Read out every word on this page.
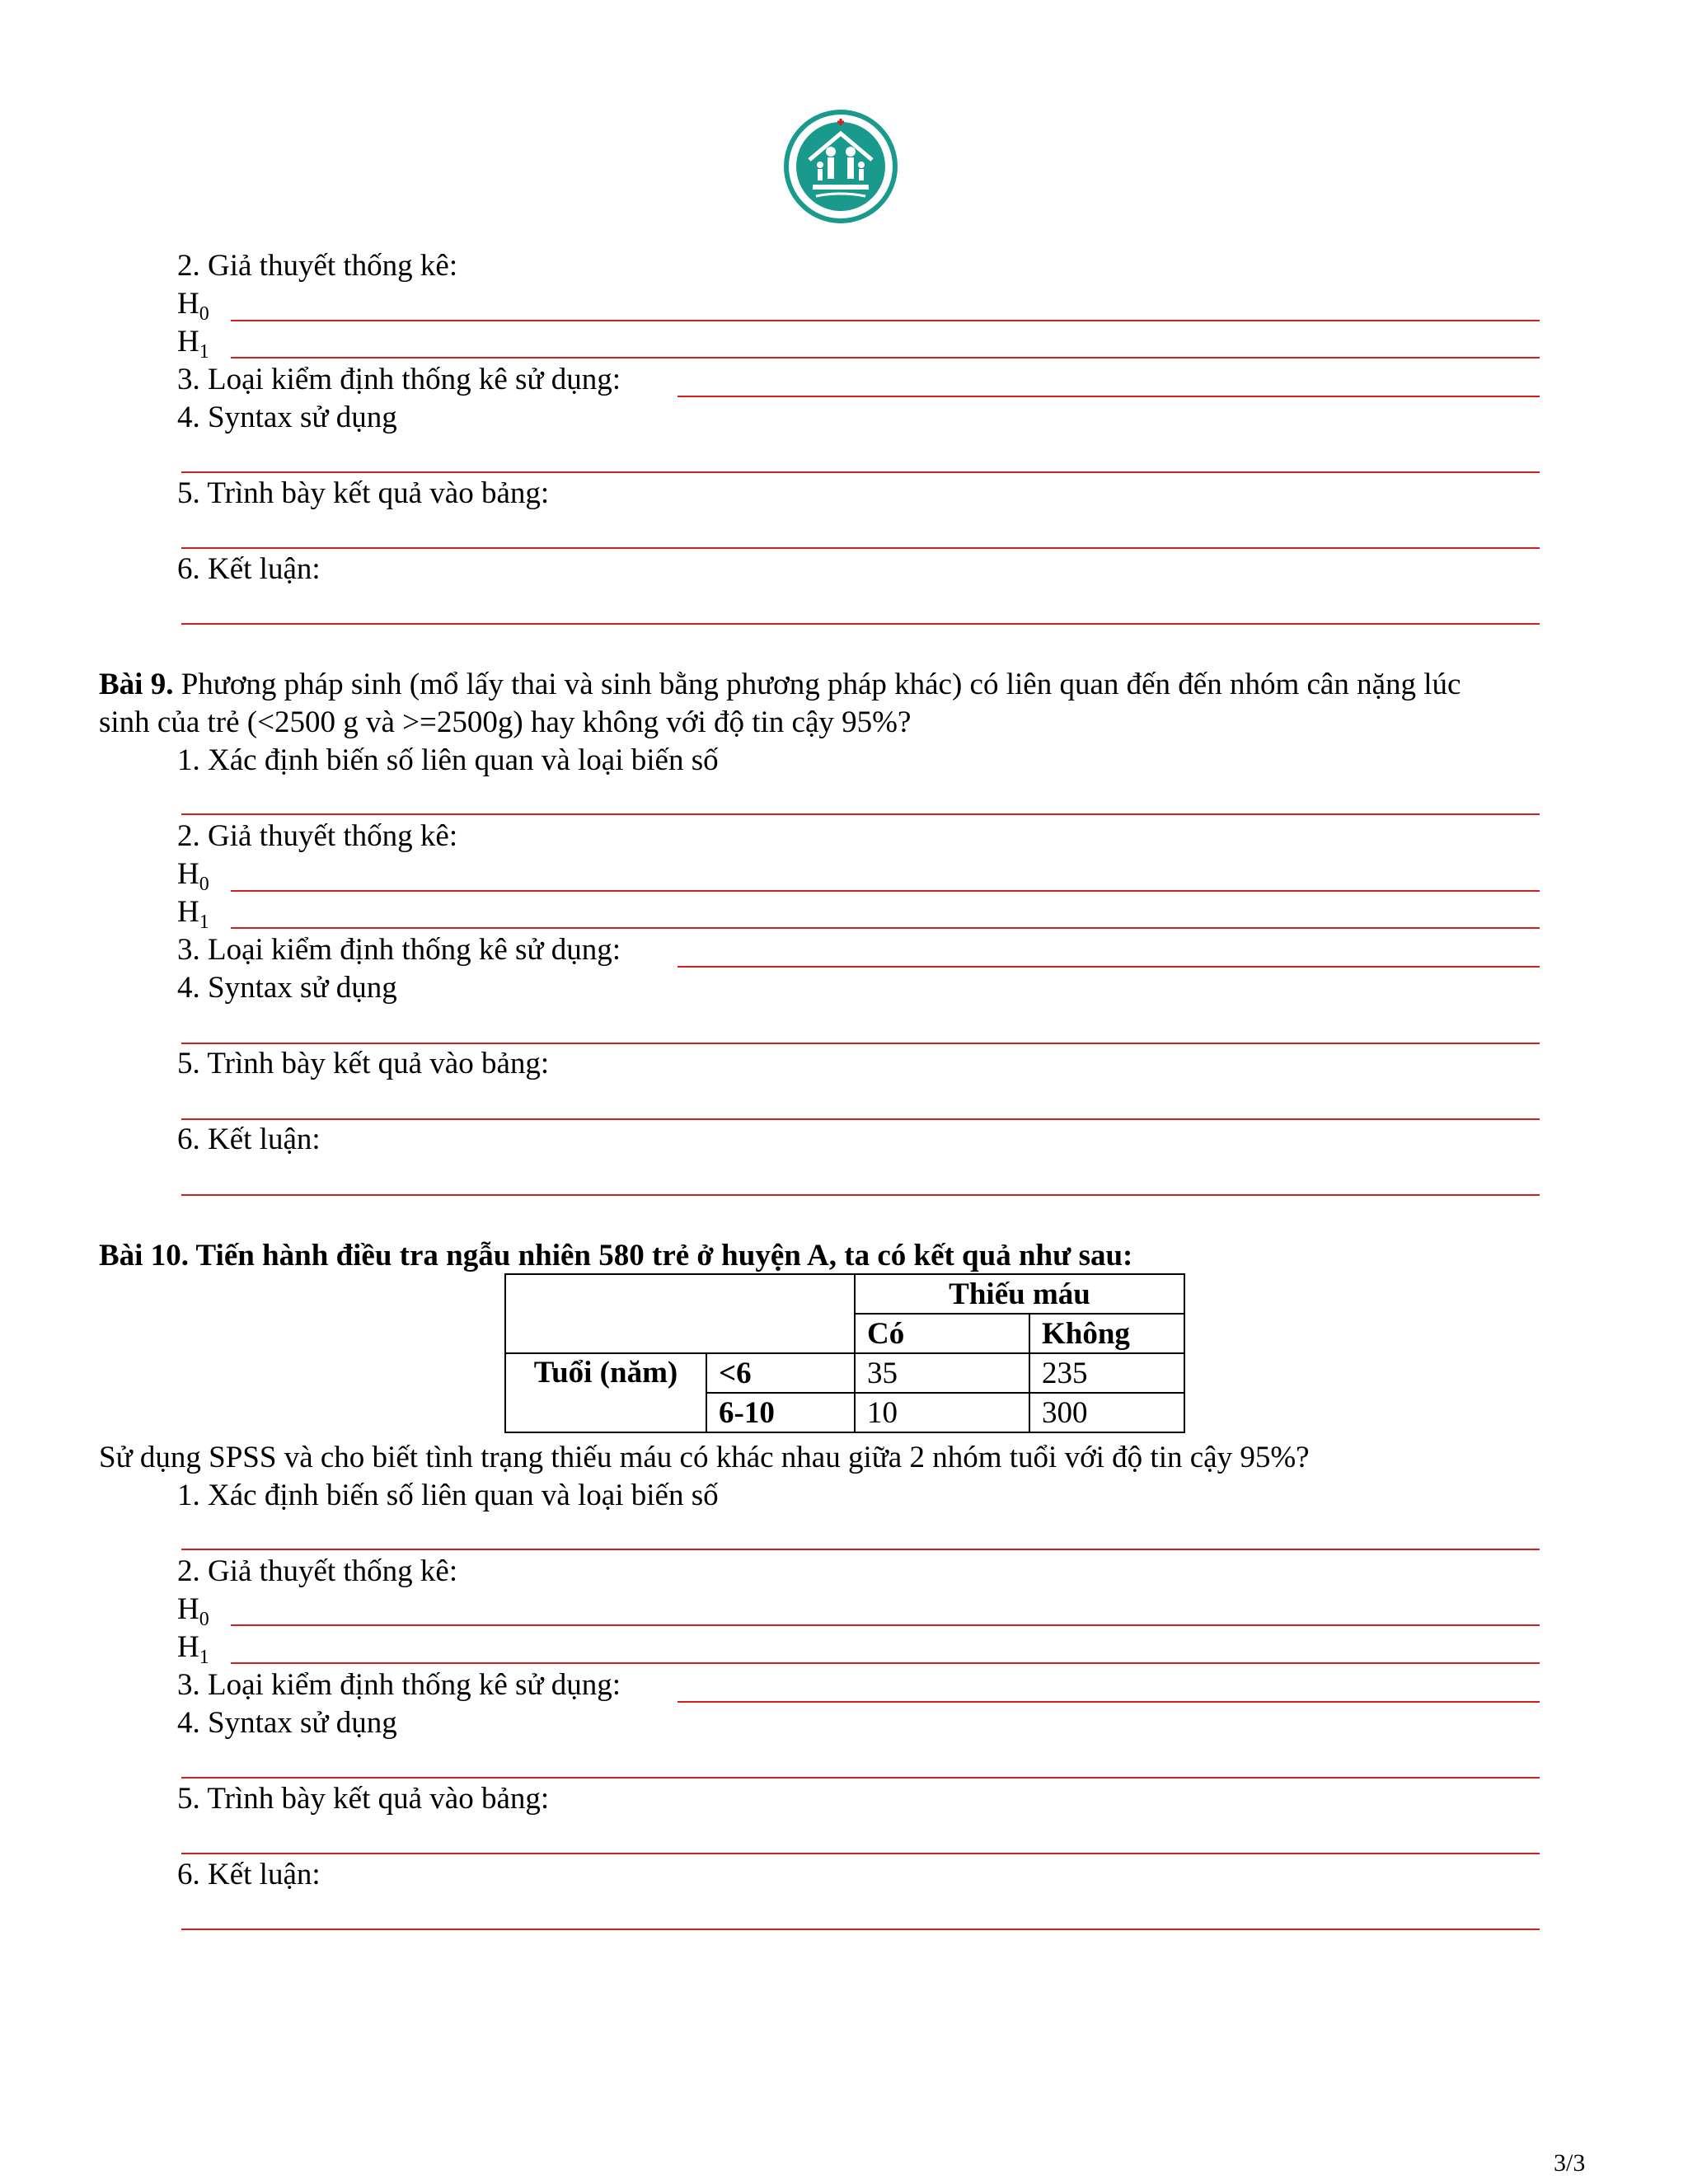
2. Giả thuyết thống kê:
$H_0$
$H_1$
3. Loại kiểm định thống kê sử dụng:
4. Syntax sử dụng
5. Trình bày kết quả vào bảng:
6. Kết luận:
Bài 9. Phương pháp sinh (mổ lấy thai và sinh bằng phương pháp khác) có liên quan đến đến nhóm cân nặng lúc
sinh của trẻ (<2500 g và >=2500g) hay không với độ tin cậy 95%?
1. Xác định biến số liên quan và loại biến số
2. Giả thuyết thống kê:
$H_0$
$H_1$
3. Loại kiểm định thống kê sử dụng:
4. Syntax sử dụng
5. Trình bày kết quả vào bảng:
6. Kết luận:
Bài 10. Tiến hành điều tra ngẫu nhiên 580 trẻ ở huyện A, ta có kết quả như sau:
		Thiếu máu	
		Có	Không
Tuổi (năm)	<6	35	235
	6-10	10	300
Sử dụng SPSS và cho biết tình trạng thiếu máu có khác nhau giữa 2 nhóm tuổi với độ tin cậy 95%?
1. Xác định biến số liên quan và loại biến số
2. Giả thuyết thống kê:
$H_0$
$H_1$
3. Loại kiểm định thống kê sử dụng:
4. Syntax sử dụng
5. Trình bày kết quả vào bảng:
6. Kết luận:
3/3
